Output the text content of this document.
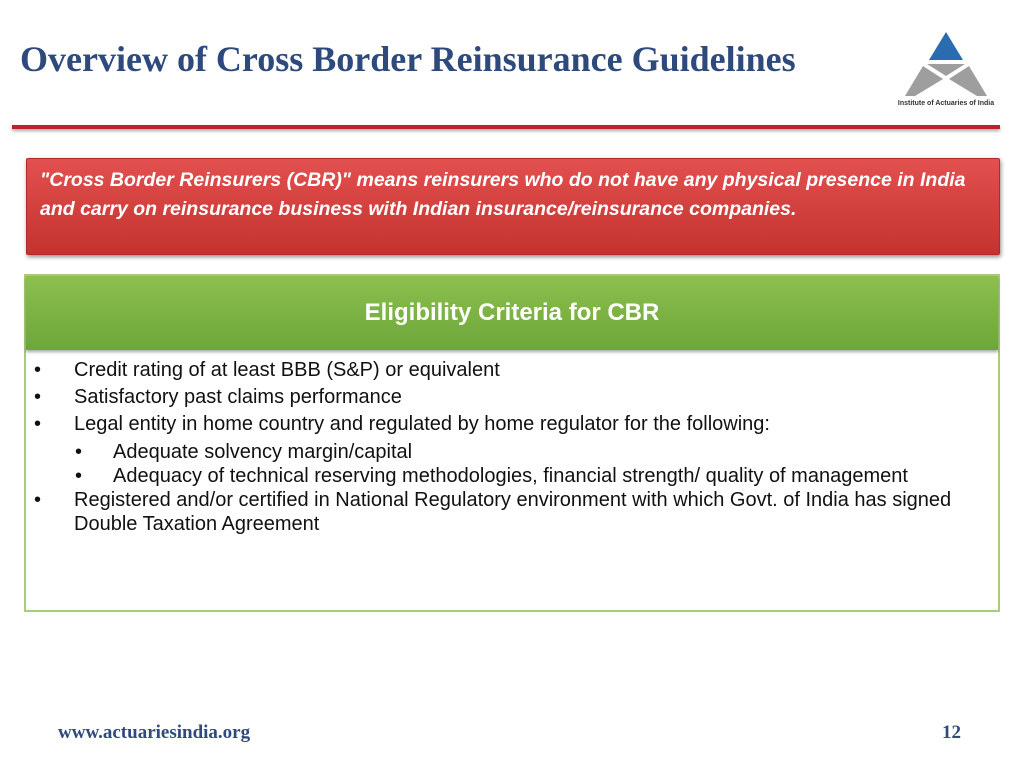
Overview of Cross Border Reinsurance Guidelines
Institute of Actuaries of India
"Cross Border Reinsurers (CBR)" means reinsurers who do not have any physical presence in India and carry on reinsurance business with Indian insurance/reinsurance companies.
Eligibility Criteria for CBR
• Credit rating of at least BBB (S&P) or equivalent
• Satisfactory past claims performance
• Legal entity in home country and regulated by home regulator for the following:
• Adequate solvency margin/capital
• Adequacy of technical reserving methodologies, financial strength/ quality of management
• Registered and/or certified in National Regulatory environment with which Govt. of India has signed Double Taxation Agreement
www.actuariesindia.org	12
